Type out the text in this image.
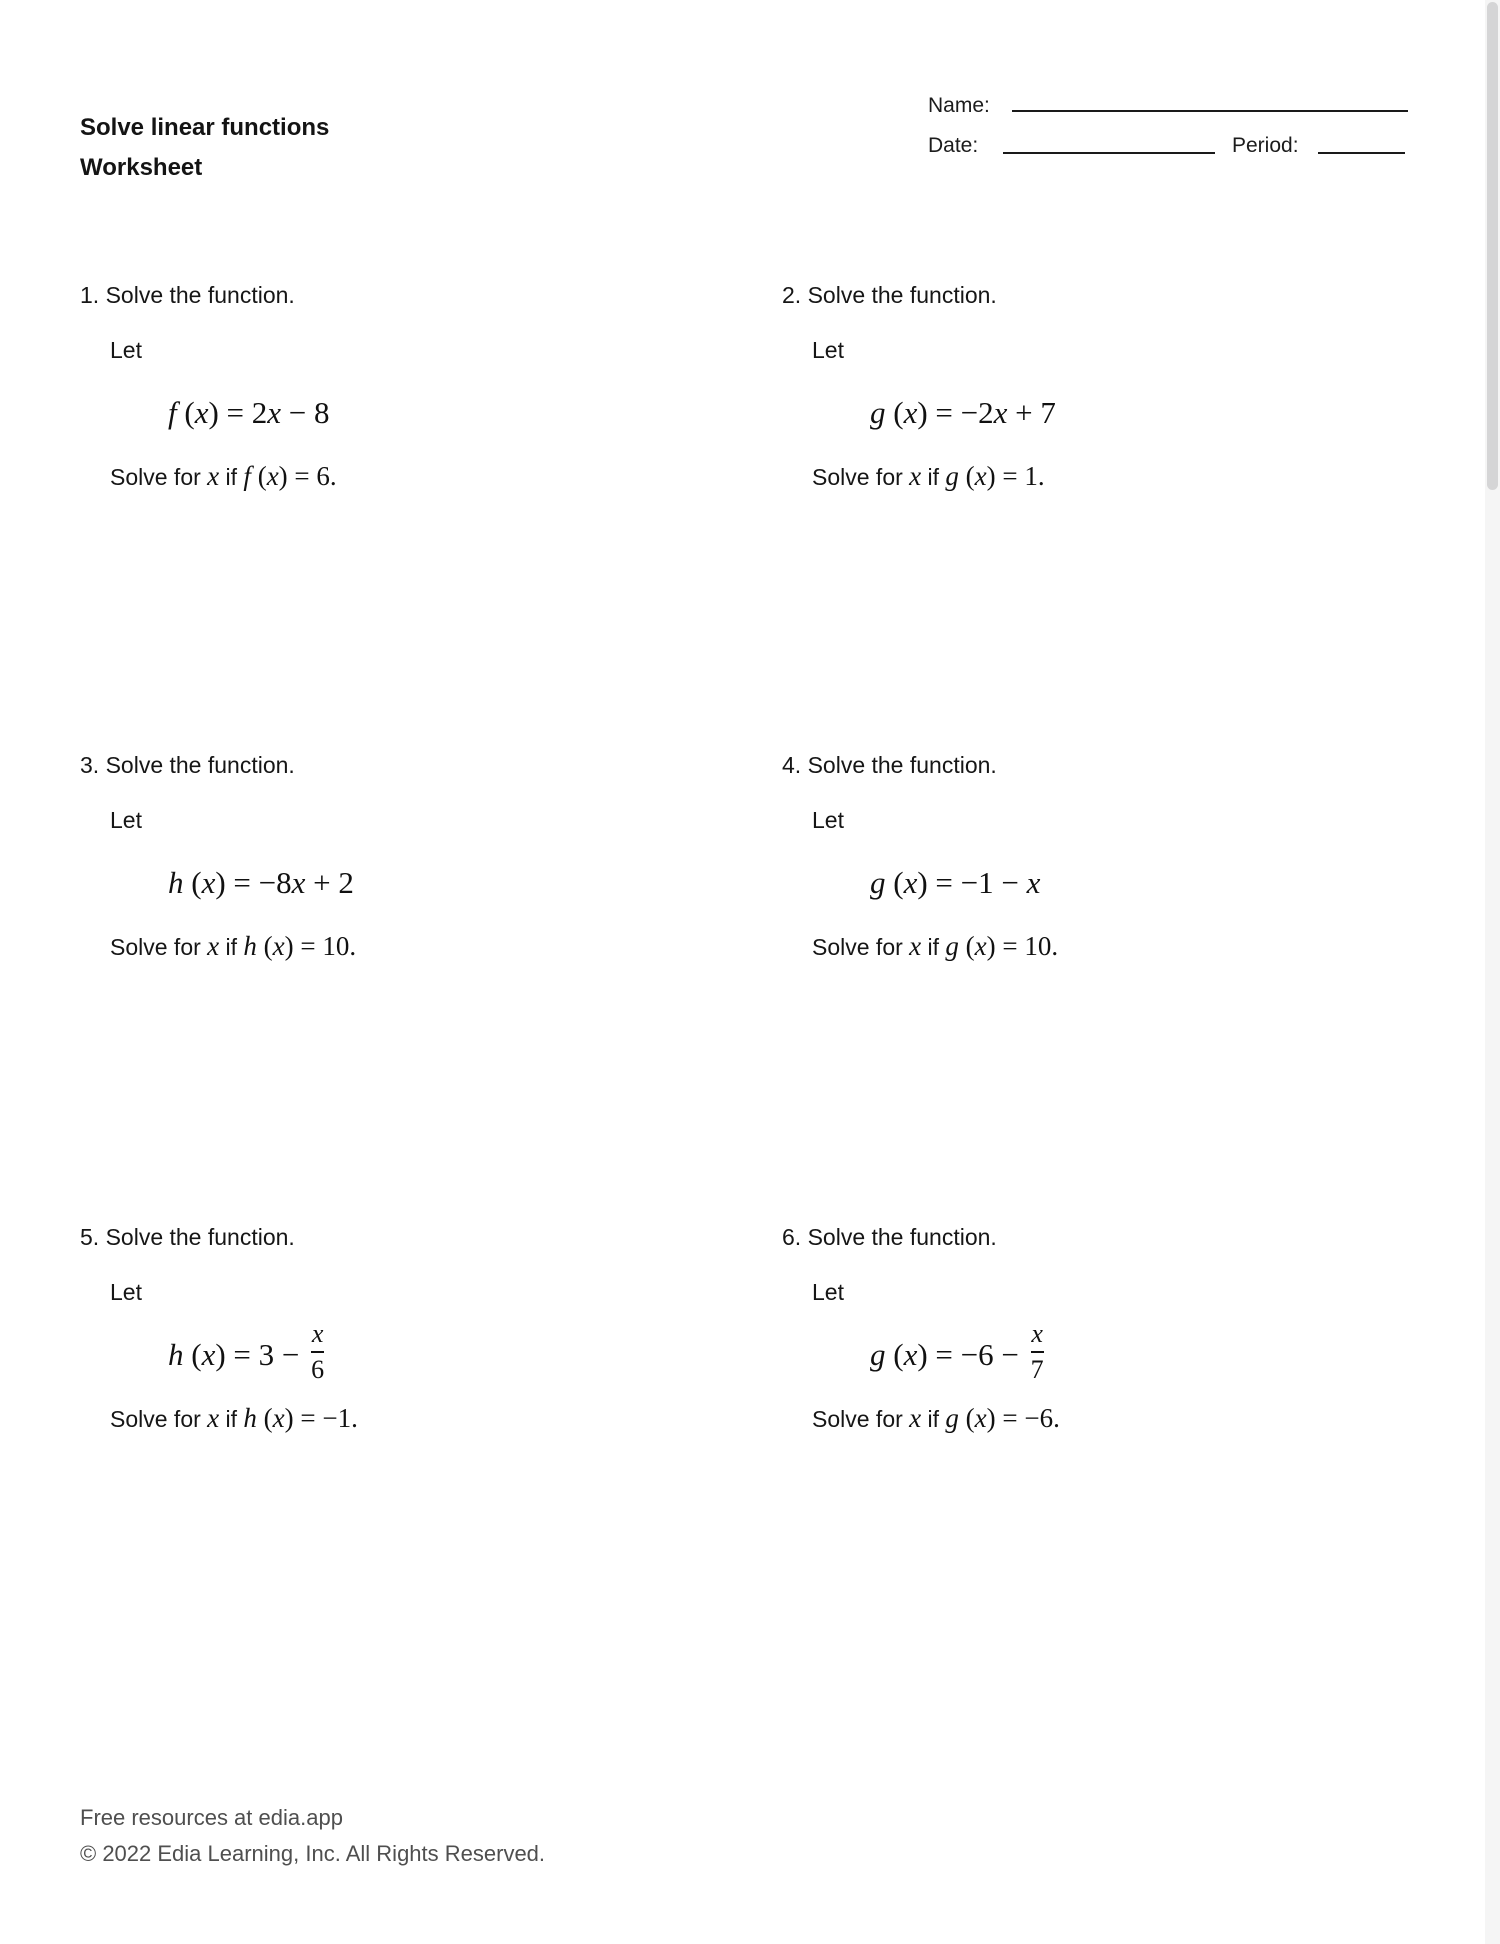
Solve linear functions
Worksheet
Name:
Date:	Period:
1. Solve the function.
Let
f ( x ) = 2 x − 8
Solve for x if f (x) = 6.
2. Solve the function.
Let
g ( x ) = −2 x + 7
Solve for x if g (x) = 1.
3. Solve the function.
Let
h ( x ) = −8 x + 2
Solve for x if h (x) = 10.
4. Solve the function.
Let
g ( x ) = −1 − x
Solve for x if g (x) = 10.
5. Solve the function.
Let
h ( x ) = $3 - \frac{x}{6}$
Solve for x if h (x) = −1.
6. Solve the function.
Let
g ( x ) = $-6 - \frac{x}{7}$
Solve for x if g (x) = −6.
Free resources at edia.app
© 2022 Edia Learning, Inc. All Rights Reserved.
